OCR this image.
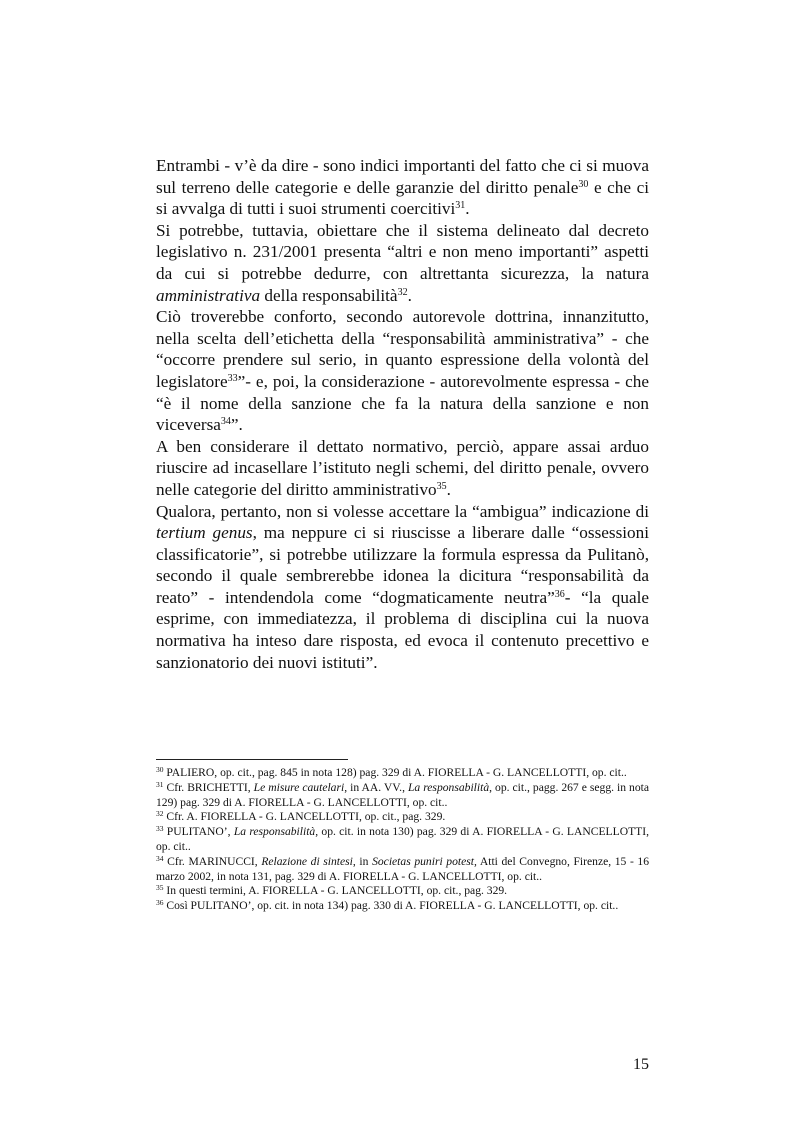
Entrambi - v’è da dire - sono indici importanti del fatto che ci si muova sul terreno delle categorie e delle garanzie del diritto penale$^{30}$ e che ci si avvalga di tutti i suoi strumenti coercitivi$^{31}$.

Si potrebbe, tuttavia, obiettare che il sistema delineato dal decreto legislativo n. 231/2001 presenta “altri e non meno importanti” aspetti da cui si potrebbe dedurre, con altrettanta sicurezza, la natura amministrativa della responsabilità$^{32}$.

Ciò troverebbe conforto, secondo autorevole dottrina, innanzitutto, nella scelta dell’etichetta della “responsabilità amministrativa” - che “occorre prendere sul serio, in quanto espressione della volontà del legislatore$^{33}$”- e, poi, la considerazione - autorevolmente espressa - che “è il nome della sanzione che fa la natura della sanzione e non viceversa$^{34}$”.

A ben considerare il dettato normativo, perciò, appare assai arduo riuscire ad incasellare l’istituto negli schemi, del diritto penale, ovvero nelle categorie del diritto amministrativo$^{35}$.

Qualora, pertanto, non si volesse accettare la “ambigua” indicazione di tertium genus, ma neppure ci si riuscisse a liberare dalle “ossessioni classificatorie”, si potrebbe utilizzare la formula espressa da Pulitanò, secondo il quale sembrerebbe idonea la dicitura “responsabilità da reato” - intendendola come “dogmaticamente neutra”$^{36}$- “la quale esprime, con immediatezza, il problema di disciplina cui la nuova normativa ha inteso dare risposta, ed evoca il contenuto precettivo e sanzionatorio dei nuovi istituti”.

$^{30}$ PALIERO, op. cit., pag. 845 in nota 128) pag. 329 di A. FIORELLA - G. LANCELLOTTI, op. cit..

$^{31}$ Cfr. BRICHETTI, Le misure cautelari, in AA. VV., La responsabilità, op. cit., pagg. 267 e segg. in nota 129) pag. 329 di A. FIORELLA - G. LANCELLOTTI, op. cit..

$^{32}$ Cfr. A. FIORELLA - G. LANCELLOTTI, op. cit., pag. 329.

$^{33}$ PULITANO’, La responsabilità, op. cit. in nota 130) pag. 329 di A. FIORELLA - G. LANCELLOTTI, op. cit..

$^{34}$ Cfr. MARINUCCI, Relazione di sintesi, in Societas puniri potest, Atti del Convegno, Firenze, 15 - 16 marzo 2002, in nota 131, pag. 329 di A. FIORELLA - G. LANCELLOTTI, op. cit..

$^{35}$ In questi termini, A. FIORELLA - G. LANCELLOTTI, op. cit., pag. 329.

$^{36}$ Così PULITANO’, op. cit. in nota 134) pag. 330 di A. FIORELLA - G. LANCELLOTTI, op. cit..

15
